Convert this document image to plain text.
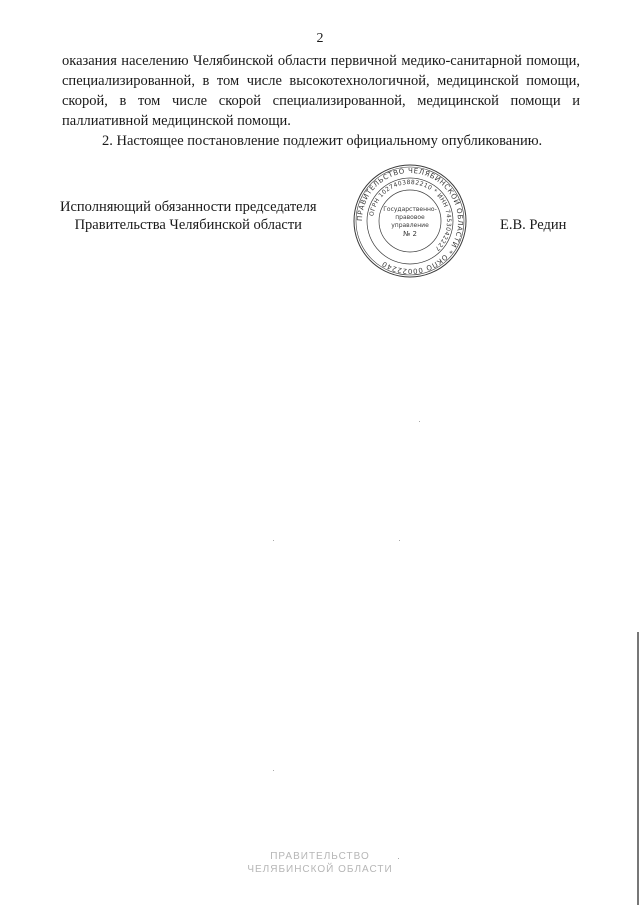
2

оказания населению Челябинской области первичной медико-санитарной помощи, специализированной, в том числе высокотехнологичной, медицинской помощи, скорой, в том числе скорой специализированной, медицинской помощи и паллиативной медицинской помощи.

2. Настоящее постановление подлежит официальному опубликованию.

Исполняющий обязанности председателя
Правительства Челябинской области	Е.В. Редин
ПРАВИТЕЛЬСТВО ЧЕЛЯБИНСКОЙ ОБЛАСТИ * ОКПО 00022240
ОГРН 1027403882210 * ИНН 7453042227
Государственно-
правовое
управление
№ 2
ПРАВИТЕЛЬСТВО
ЧЕЛЯБИНСКОЙ ОБЛАСТИ
